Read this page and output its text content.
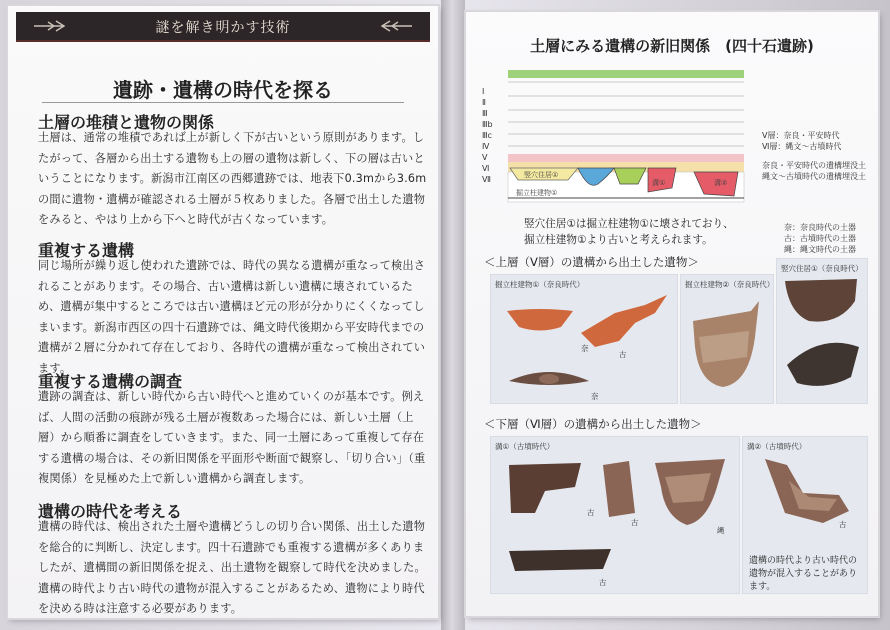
謎を解き明かす技術
遺跡・遺構の時代を探る
土層の堆積と遺物の関係
土層は、通常の堆積であれば上が新しく下が古いという原則があります。したがって、各層から出土する遺物も上の層の遺物は新しく、下の層は古いということになります。新潟市江南区の西郷遺跡では、地表下0.3mから3.6mの間に遺物・遺構が確認される土層が５枚ありました。各層で出土した遺物をみると、やはり上から下へと時代が古くなっています。
重複する遺構
同じ場所が繰り返し使われた遺跡では、時代の異なる遺構が重なって検出されることがあります。その場合、古い遺構は新しい遺構に壊されているため、遺構が集中するところでは古い遺構ほど元の形が分かりにくくなってしまいます。新潟市西区の四十石遺跡では、縄文時代後期から平安時代までの遺構が２層に分かれて存在しており、各時代の遺構が重なって検出されています。
重複する遺構の調査
遺跡の調査は、新しい時代から古い時代へと進めていくのが基本です。例えば、人間の活動の痕跡が残る土層が複数あった場合には、新しい土層（上層）から順番に調査をしていきます。また、同一土層にあって重複して存在する遺構の場合は、その新旧関係を平面形や断面で観察し、「切り合い」（重複関係）を見極めた上で新しい遺構から調査します。
遺構の時代を考える
遺構の時代は、検出された土層や遺構どうしの切り合い関係、出土した遺物を総合的に判断し、決定します。四十石遺跡でも重複する遺構が多くありましたが、遺構間の新旧関係を捉え、出土遺物を観察して時代を決めました。遺構の時代より古い時代の遺物が混入することがあるため、遺物により時代を決める時は注意する必要があります。
土層にみる遺構の新旧関係　(四十石遺跡)
Ⅰ
Ⅱ
Ⅲ
Ⅲb
Ⅲc
Ⅳ
Ⅴ
Ⅵ
Ⅶ	竪穴住居①
掘立柱建物①
溝①	溝②
Ⅴ層：奈良・平安時代
Ⅵ層：縄文～古墳時代
奈良・平安時代の遺構埋没土
縄文～古墳時代の遺構埋没土
竪穴住居①は掘立柱建物①に壊されており、掘立柱建物①より古いと考えられます。
奈：奈良時代の土器
古：古墳時代の土器
縄：縄文時代の土器
＜上層（Ⅴ層）の遺構から出土した遺物＞
掘立柱建物①（奈良時代）
奈
古
奈
掘立柱建物②（奈良時代）
竪穴住居①（奈良時代）
＜下層（Ⅵ層）の遺構から出土した遺物＞
溝①（古墳時代）
古
古
縄
古
溝②（古墳時代）
古
遺構の時代より古い時代の遺物が混入することがあります。
